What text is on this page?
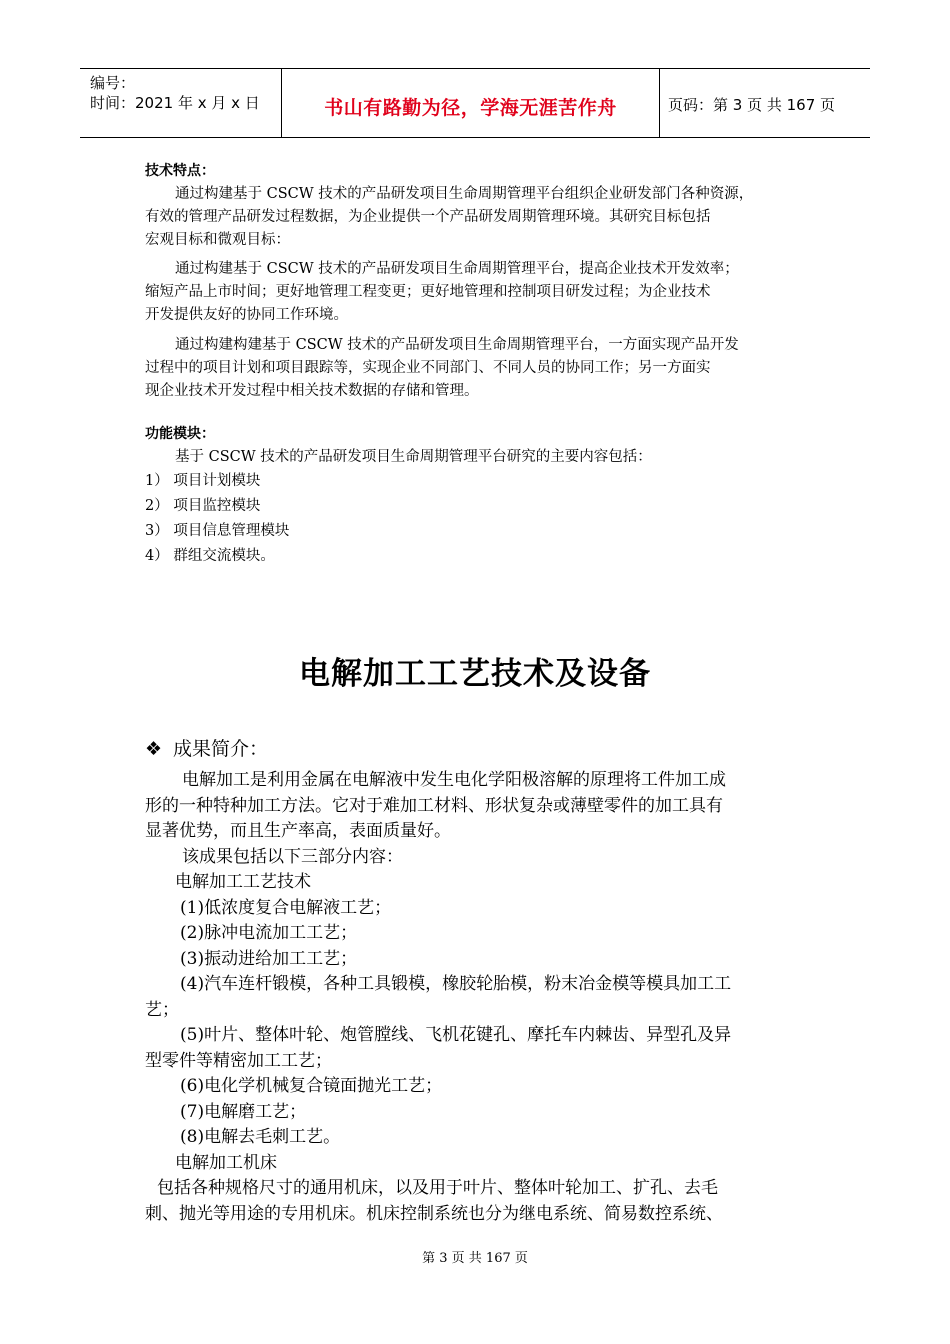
编号：
时间：2021 年 x 月 x 日	书山有路勤为径，学海无涯苦作舟	页码：第 3 页 共 167 页
技术特点：
通过构建基于 CSCW 技术的产品研发项目生命周期管理平台组织企业研发部门各种资源，
有效的管理产品研发过程数据，为企业提供一个产品研发周期管理环境。其研究目标包括
宏观目标和微观目标：
通过构建基于 CSCW 技术的产品研发项目生命周期管理平台，提高企业技术开发效率；
缩短产品上市时间；更好地管理工程变更；更好地管理和控制项目研发过程；为企业技术
开发提供友好的协同工作环境。
通过构建构建基于 CSCW 技术的产品研发项目生命周期管理平台，一方面实现产品开发
过程中的项目计划和项目跟踪等，实现企业不同部门、不同人员的协同工作；另一方面实
现企业技术开发过程中相关技术数据的存储和管理。
功能模块：
基于 CSCW 技术的产品研发项目生命周期管理平台研究的主要内容包括：
1） 项目计划模块
2） 项目监控模块
3） 项目信息管理模块
4） 群组交流模块。
电解加工工艺技术及设备
❖ 成果简介：
电解加工是利用金属在电解液中发生电化学阳极溶解的原理将工件加工成
形的一种特种加工方法。它对于难加工材料、形状复杂或薄壁零件的加工具有
显著优势，而且生产率高，表面质量好。
该成果包括以下三部分内容：
电解加工工艺技术
(1)低浓度复合电解液工艺；
(2)脉冲电流加工工艺；
(3)振动进给加工工艺；
(4)汽车连杆锻模，各种工具锻模，橡胶轮胎模，粉末冶金模等模具加工工
艺；
(5)叶片、整体叶轮、炮管膛线、飞机花键孔、摩托车内棘齿、异型孔及异
型零件等精密加工工艺；
(6)电化学机械复合镜面抛光工艺；
(7)电解磨工艺；
(8)电解去毛刺工艺。
电解加工机床
包括各种规格尺寸的通用机床，以及用于叶片、整体叶轮加工、扩孔、去毛
刺、抛光等用途的专用机床。机床控制系统也分为继电系统、简易数控系统、
第 3 页 共 167 页
